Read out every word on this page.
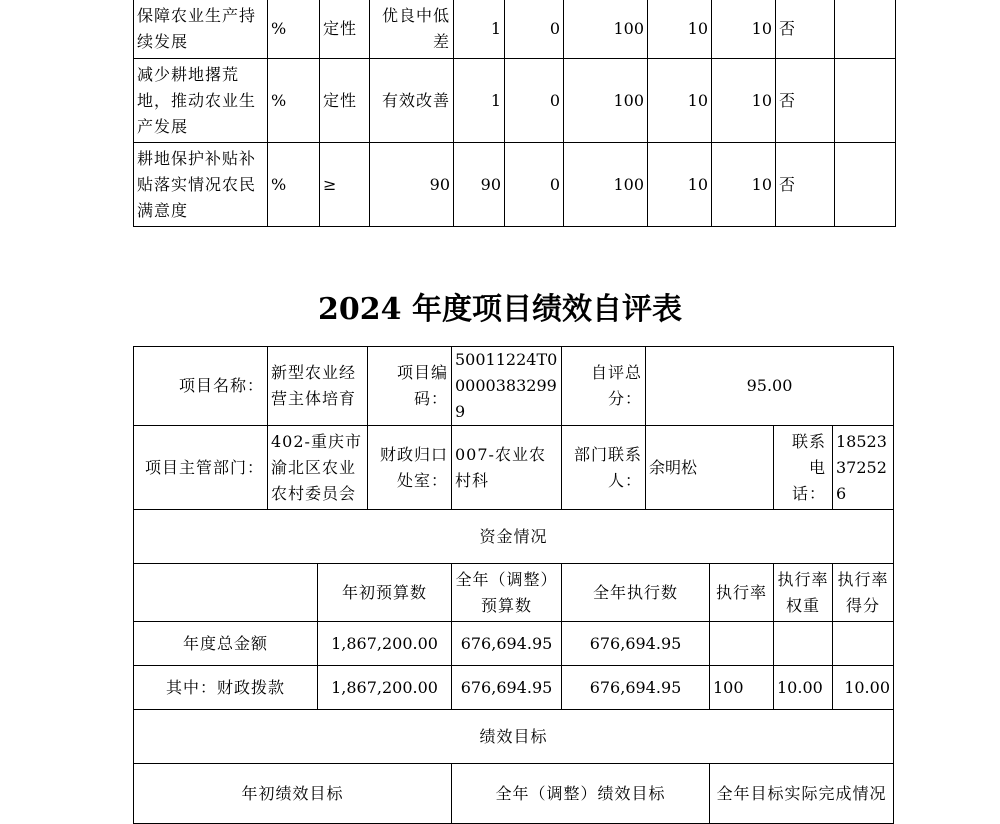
保障农业生产持续发展	%	定性	优良中低差	1	0	100	10	10	否	
减少耕地撂荒地，推动农业生产发展	%	定性	有效改善	1	0	100	10	10	否	
耕地保护补贴补贴落实情况农民满意度	%	≥	90	90	0	100	10	10	否	
2024 年度项目绩效自评表
项目名称：	新型农业经营主体培育		项目编码：	50011224T000003832999	自评总分：	95.00			
项目主管部门：	402-重庆市渝北区农业农村委员会		财政归口处室：	007-农业农村科	部门联系人：	余明松		联系电话：	18523372526
资金情况									
		年初预算数		全年（调整）预算数	全年执行数		执行率	执行率权重	执行率得分
年度总金额		1,867,200.00		676,694.95	676,694.95				
其中：财政拨款		1,867,200.00		676,694.95	676,694.95		100	10.00	10.00
绩效目标									
年初绩效目标				全年（调整）绩效目标			全年目标实际完成情况		
